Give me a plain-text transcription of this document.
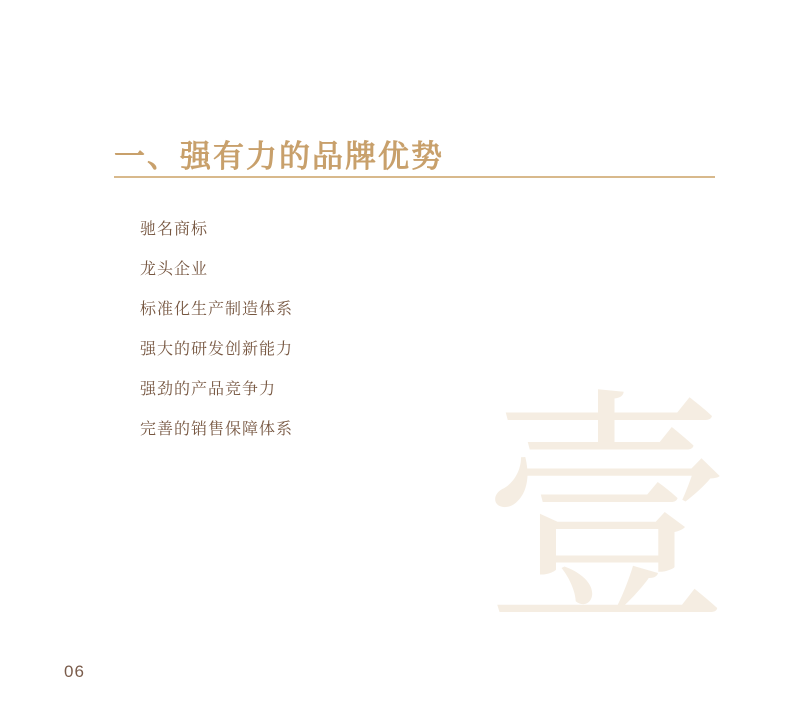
一、强有力的品牌优势
驰名商标
龙头企业
标准化生产制造体系
强大的研发创新能力
强劲的产品竞争力
完善的销售保障体系 壹
06
